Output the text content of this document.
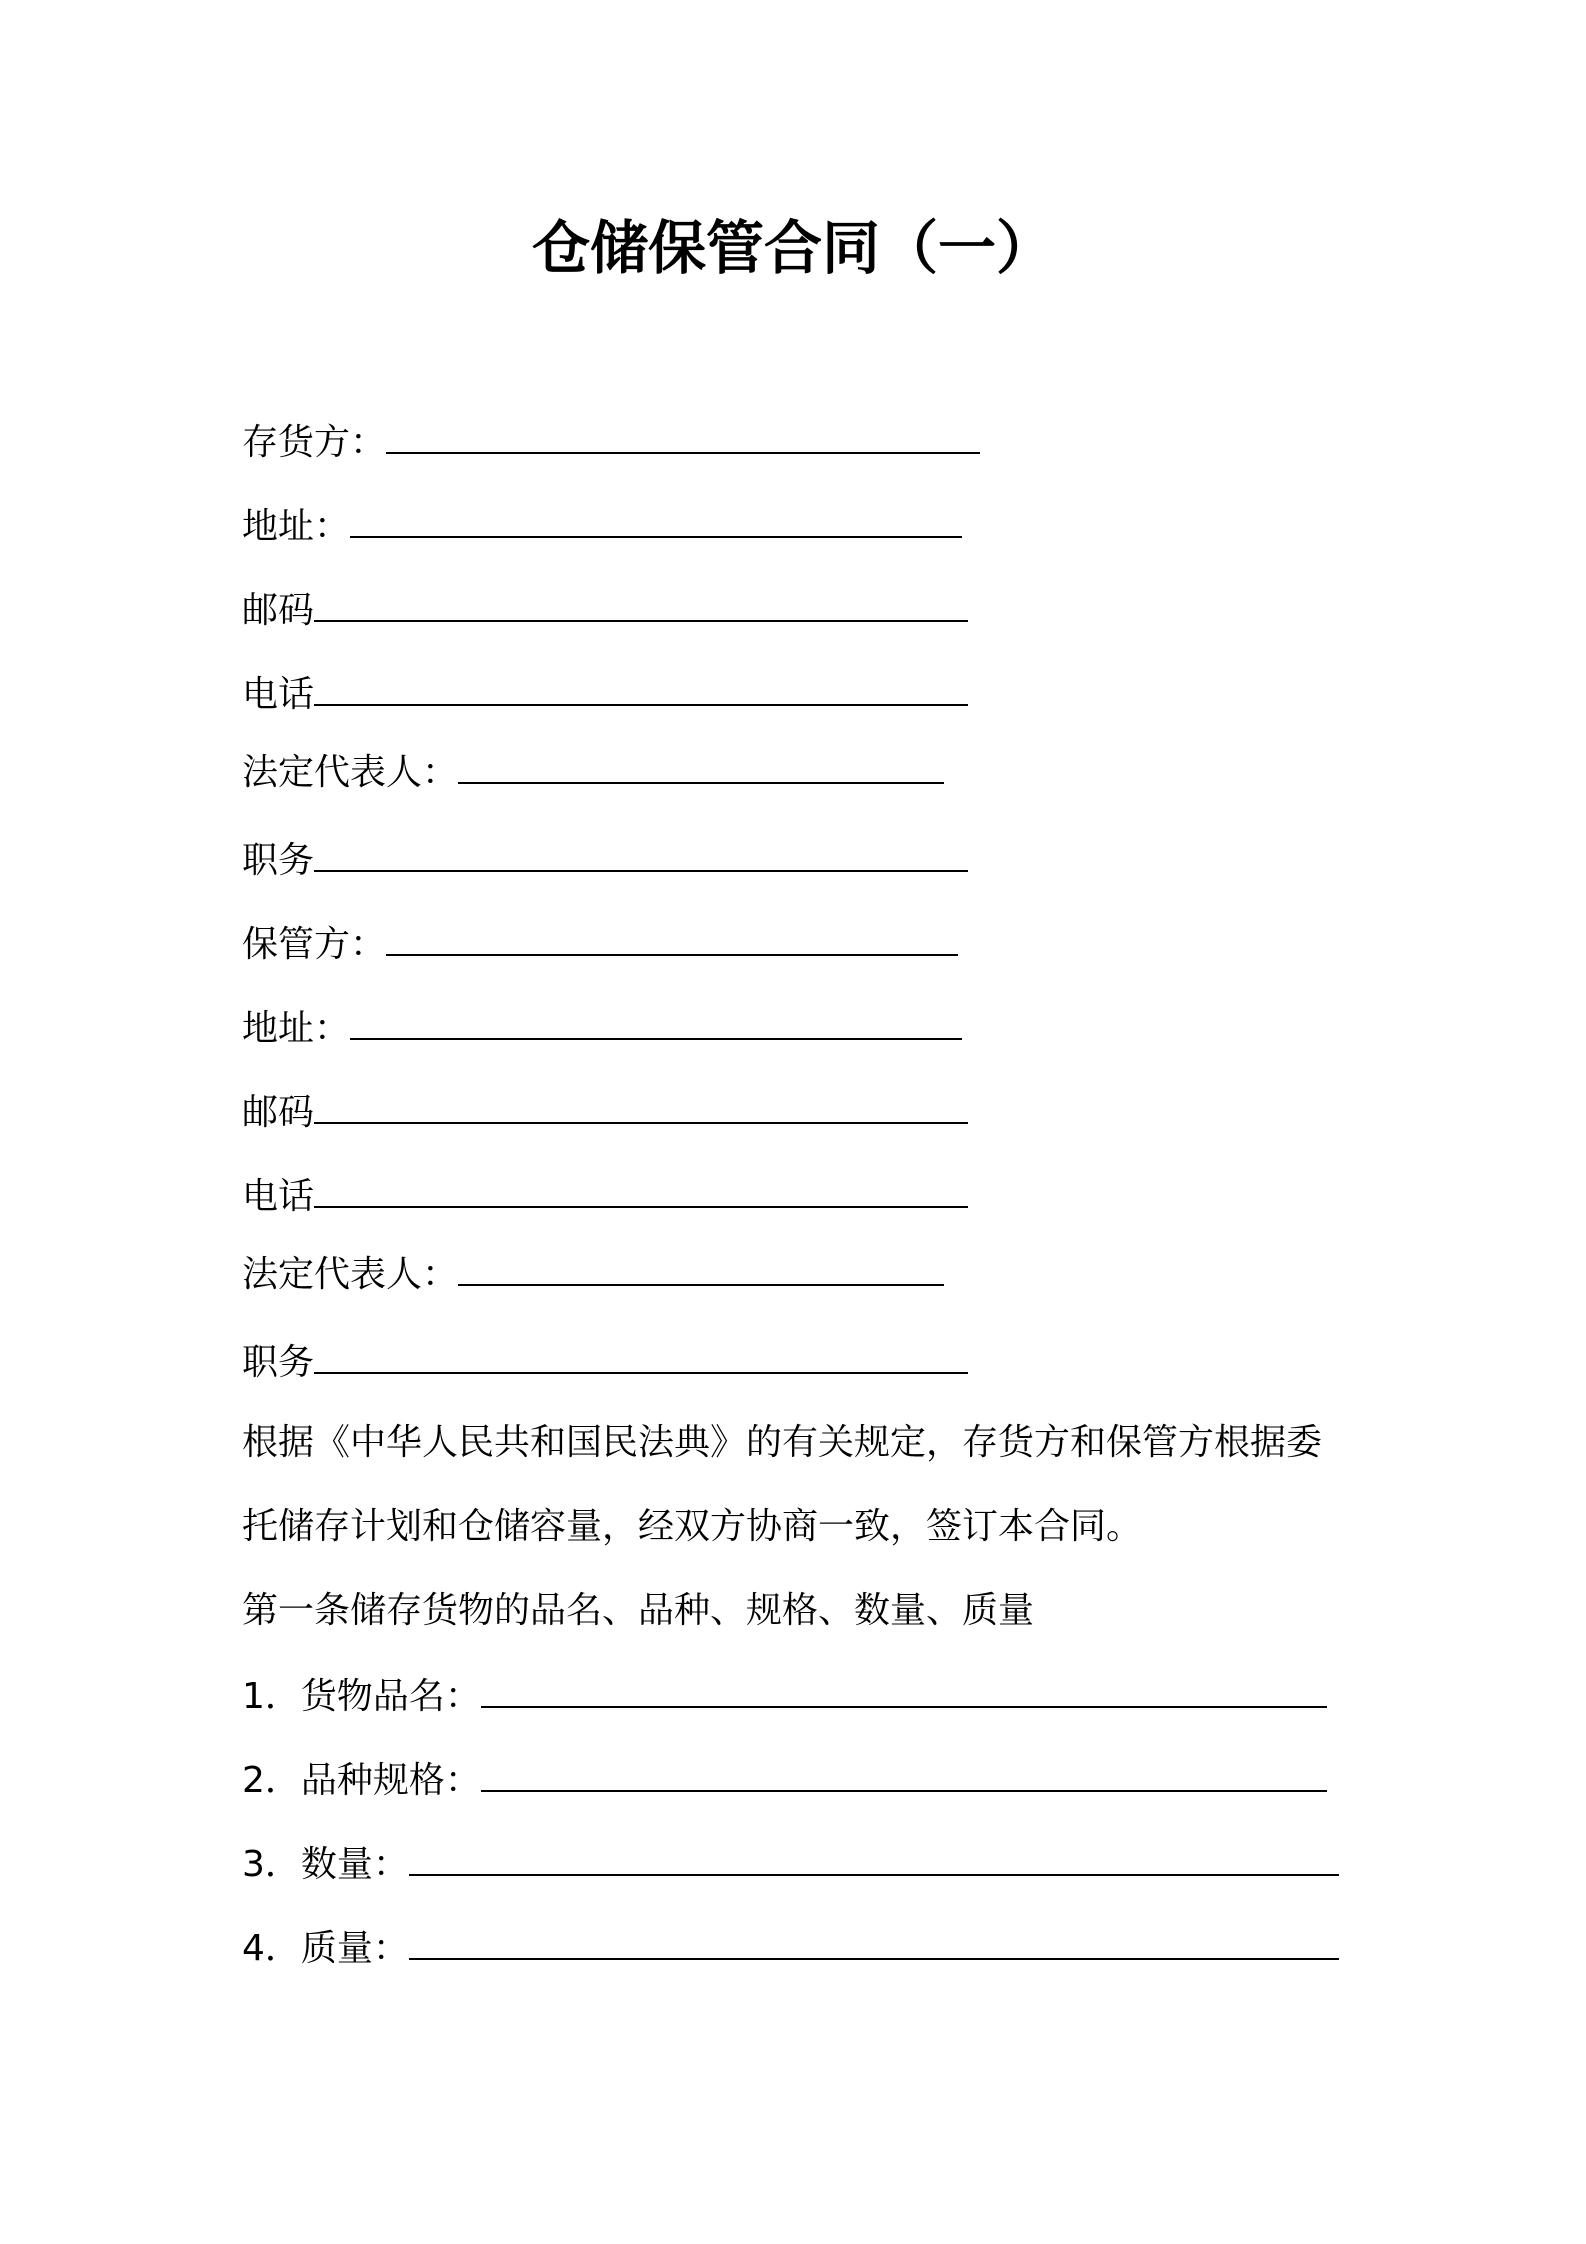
仓储保管合同（一）

存货方：

地址：

邮码

电话

法定代表人：

职务

保管方：

地址：

邮码

电话

法定代表人：

职务

根据《中华人民共和国民法典》的有关规定，存货方和保管方根据委

托储存计划和仓储容量，经双方协商一致，签订本合同。

第一条储存货物的品名、品种、规格、数量、质量

1．货物品名：

2．品种规格：

3．数量：

4．质量：
